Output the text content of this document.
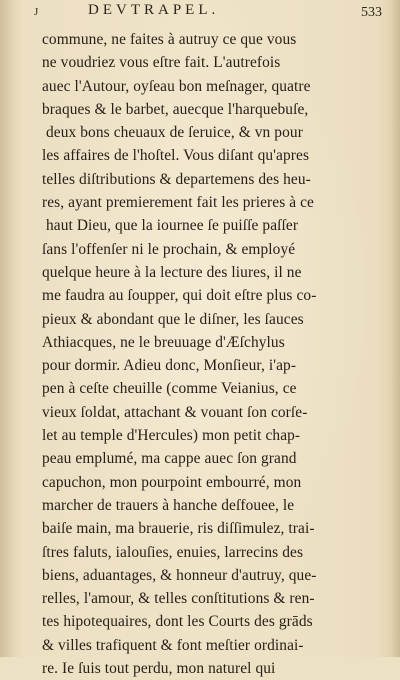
J	DEVTRAPEL.	533
commune, ne faites à autruy ce que vous
ne voudriez vous eſtre fait. L'autrefois
auec l'Autour, oyſeau bon meſnager, quatre
braques & le barbet, auecque l'harquebuſe,
deux bons cheuaux de ſeruice, & vn pour
les affaires de l'hoſtel. Vous diſant qu'apres
telles diſtributions & departemens des heu-
res, ayant premierement fait les prieres à ce
haut Dieu, que la iournee ſe puiſſe paſſer
ſans l'offenſer ni le prochain, & employé
quelque heure à la lecture des liures, il ne
me faudra au ſoupper, qui doit eſtre plus co-
pieux & abondant que le diſner, les ſauces
Athiacques, ne le breuuage d'Æſchylus
pour dormir. Adieu donc, Monſieur, i'ap-
pen à ceſte cheuille (comme Veianius, ce
vieux ſoldat, attachant & vouant ſon corſe-
let au temple d'Hercules) mon petit chap-
peau emplumé, ma cappe auec ſon grand
capuchon, mon pourpoint embourré, mon
marcher de trauers à hanche deſfouee, le
baiſe main, ma brauerie, ris diſſimulez, trai-
ſtres faluts, ialouſies, enuies, larrecins des
biens, aduantages, & honneur d'autruy, que-
relles, l'amour, & telles conſtitutions & ren-
tes hipotequaires, dont les Courts des grāds
& villes trafiquent & font meſtier ordinai-
re. Ie ſuis tout perdu, mon naturel qui
